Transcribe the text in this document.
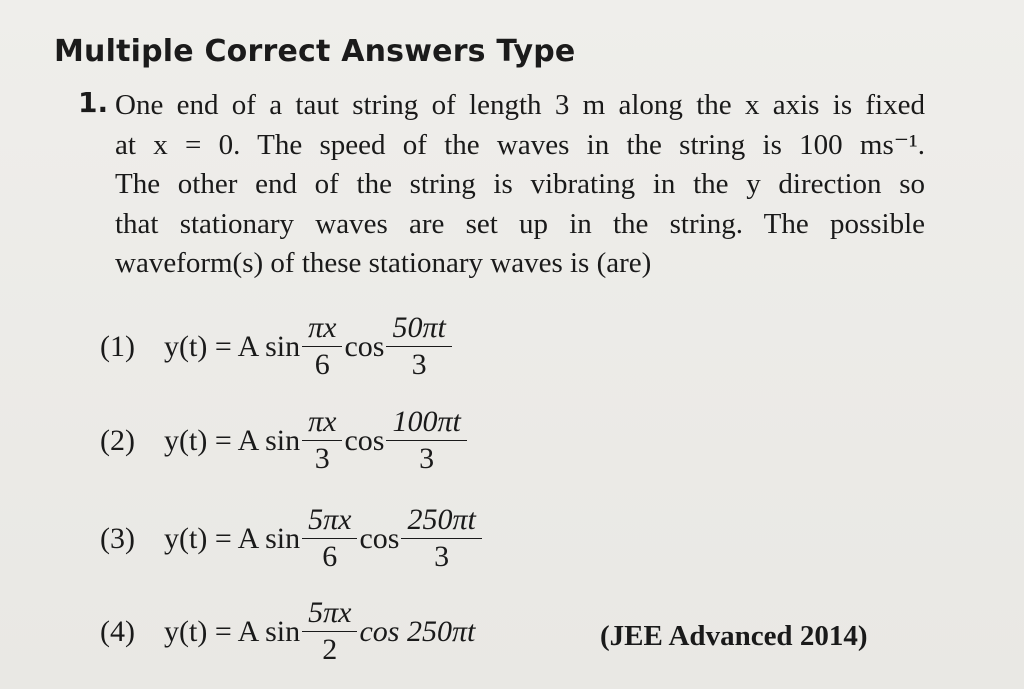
Multiple Correct Answers Type
1. One end of a taut string of length 3 m along the x axis is fixed
at x = 0. The speed of the waves in the string is 100 ms⁻¹.
The other end of the string is vibrating in the y direction so
that stationary waves are set up in the string. The possible
waveform(s) of these stationary waves is (are)
(1) y(t) = A $\sin \frac{\pi x}{6}$ $\cos \frac{50\pi t}{3}$
(2) y(t) = A $\sin \frac{\pi x}{3}$ $\cos \frac{100\pi t}{3}$
(3) y(t) = A $\sin \frac{5\pi x}{6}$ $\cos \frac{250\pi t}{3}$
(4) y(t) = A $\sin \frac{5\pi x}{2}$ cos 250πt	(JEE Advanced 2014)
